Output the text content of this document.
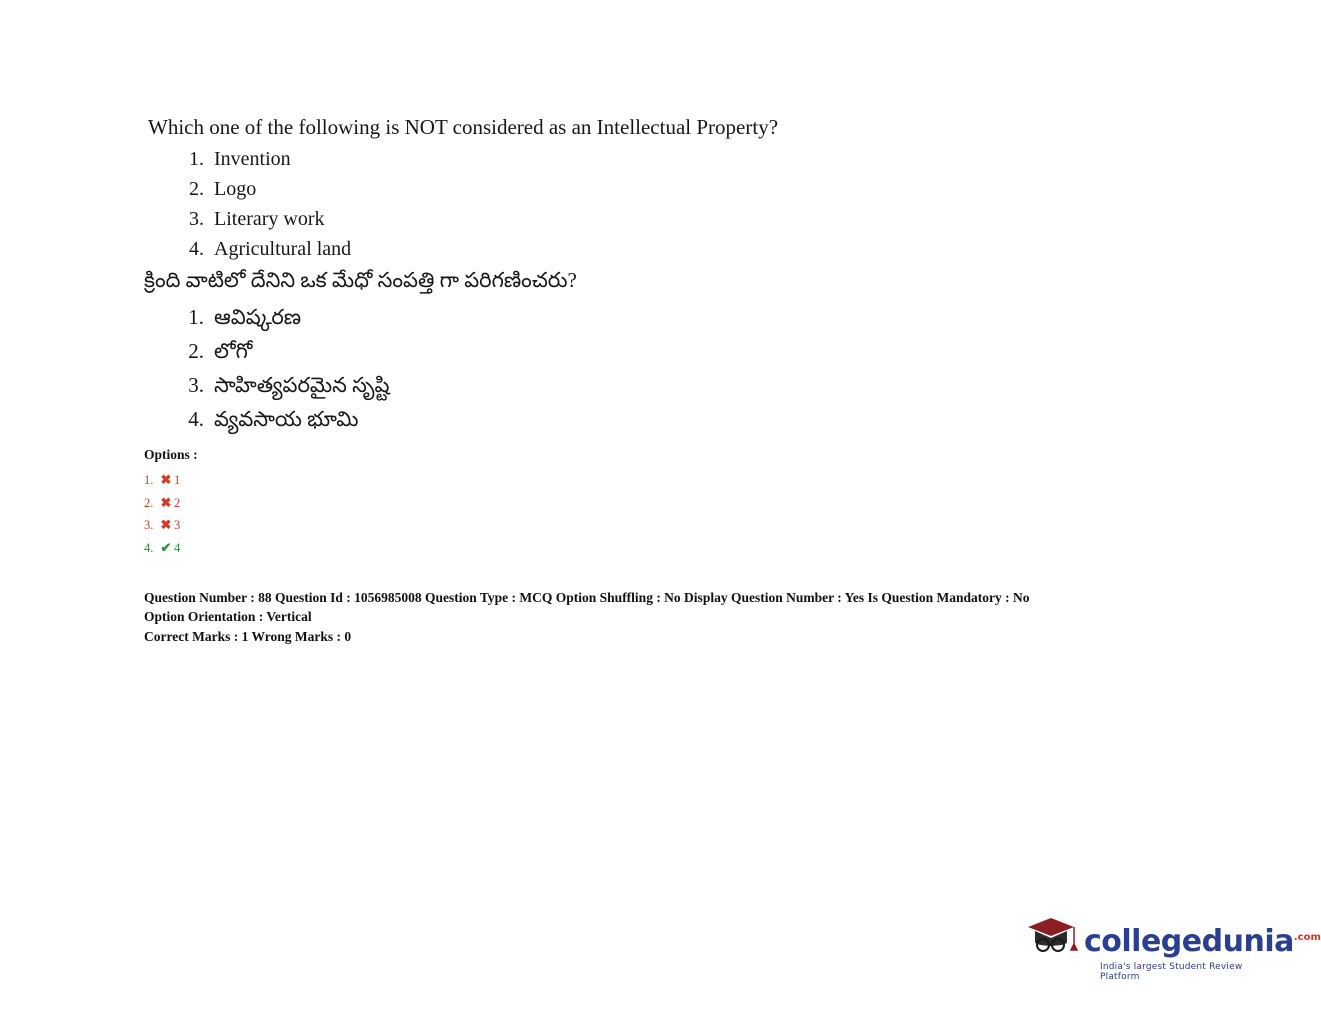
Which one of the following is NOT considered as an Intellectual Property?
1. Invention
2. Logo
3. Literary work
4. Agricultural land
క్రింది వాటిలో దేనిని ఒక మేధో సంపత్తి గా పరిగణించరు?
1. ఆవిష్కరణ
2. లోగో
3. సాహిత్యపరమైన సృష్టి
4. వ్యవసాయ భూమి
Options :
1. ✖ 1
2. ✖ 2
3. ✖ 3
4. ✔ 4
Question Number : 88 Question Id : 1056985008 Question Type : MCQ Option Shuffling : No Display Question Number : Yes Is Question Mandatory : No
Option Orientation : Vertical
Correct Marks : 1 Wrong Marks : 0
collegedunia$^{.com}$
India's largest Student Review Platform
